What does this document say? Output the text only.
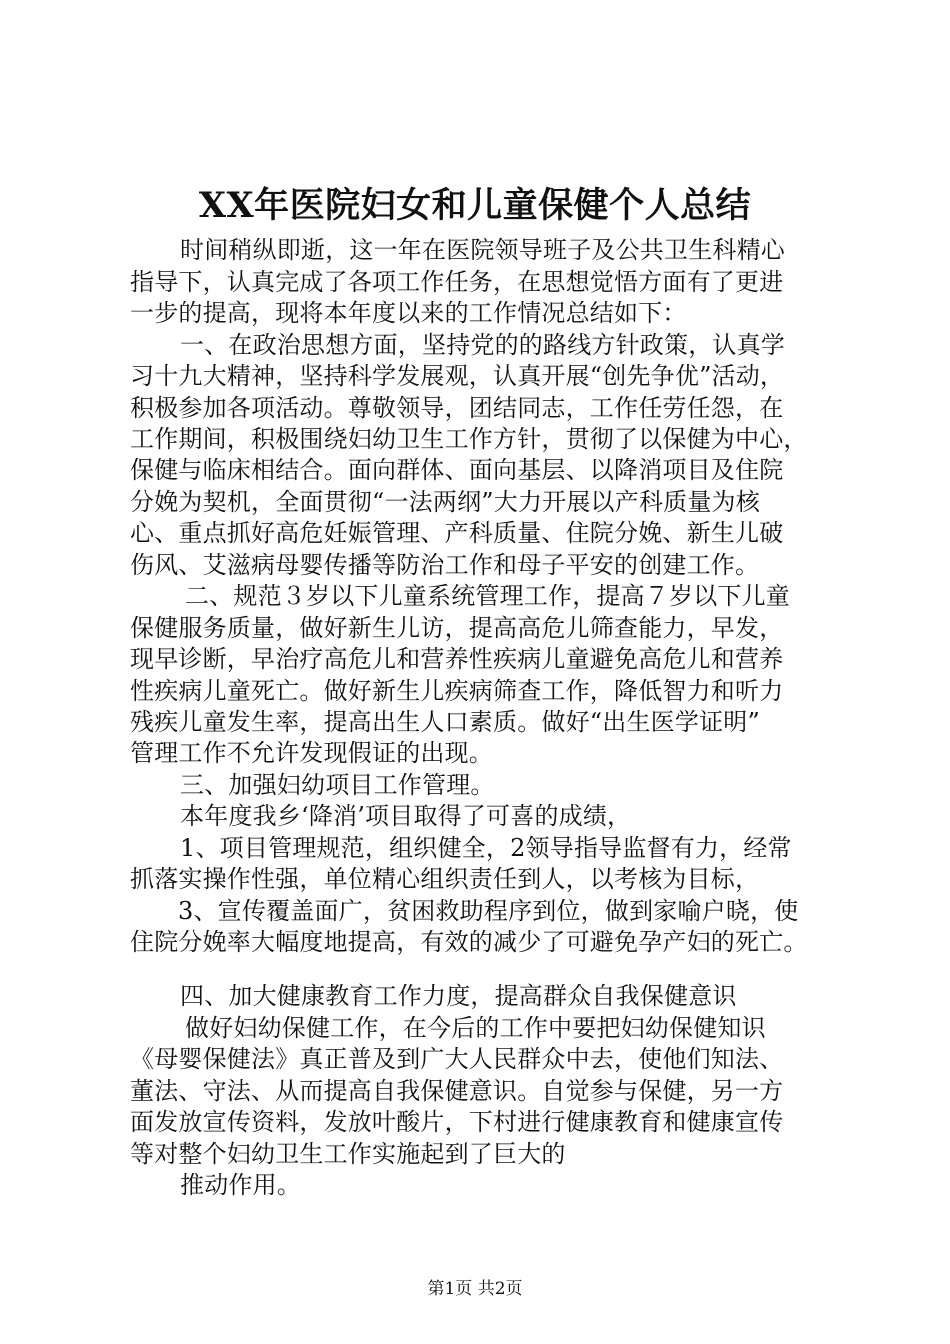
XX年医院妇女和儿童保健个人总结
时间稍纵即逝，这一年在医院领导班子及公共卫生科精心
指导下，认真完成了各项工作任务，在思想觉悟方面有了更进
一步的提高，现将本年度以来的工作情况总结如下：
一、在政治思想方面，坚持党的的路线方针政策，认真学
习十九大精神，坚持科学发展观，认真开展“创先争优”活动，
积极参加各项活动。尊敬领导，团结同志，工作任劳任怨，在
工作期间，积极围绕妇幼卫生工作方针，贯彻了以保健为中心，
保健与临床相结合。面向群体、面向基层、以降消项目及住院
分娩为契机，全面贯彻“一法两纲”大力开展以产科质量为核
心、重点抓好高危妊娠管理、产科质量、住院分娩、新生儿破
伤风、艾滋病母婴传播等防治工作和母子平安的创建工作。
二、规范３岁以下儿童系统管理工作，提高７岁以下儿童
保健服务质量，做好新生儿访，提高高危儿筛查能力，早发，
现早诊断，早治疗高危儿和营养性疾病儿童避免高危儿和营养
性疾病儿童死亡。做好新生儿疾病筛查工作，降低智力和听力
残疾儿童发生率，提高出生人口素质。做好“出生医学证明”
管理工作不允许发现假证的出现。
三、加强妇幼项目工作管理。
本年度我乡‘降消’项目取得了可喜的成绩，
1、项目管理规范，组织健全，2领导指导监督有力，经常
抓落实操作性强，单位精心组织责任到人，以考核为目标，
3、宣传覆盖面广，贫困救助程序到位，做到家喻户晓，使
住院分娩率大幅度地提高，有效的减少了可避免孕产妇的死亡。
四、加大健康教育工作力度，提高群众自我保健意识
做好妇幼保健工作，在今后的工作中要把妇幼保健知识
《母婴保健法》真正普及到广大人民群众中去，使他们知法、
董法、守法、从而提高自我保健意识。自觉参与保健，另一方
面发放宣传资料，发放叶酸片，下村进行健康教育和健康宣传
等对整个妇幼卫生工作实施起到了巨大的
推动作用。
第1页 共2页
